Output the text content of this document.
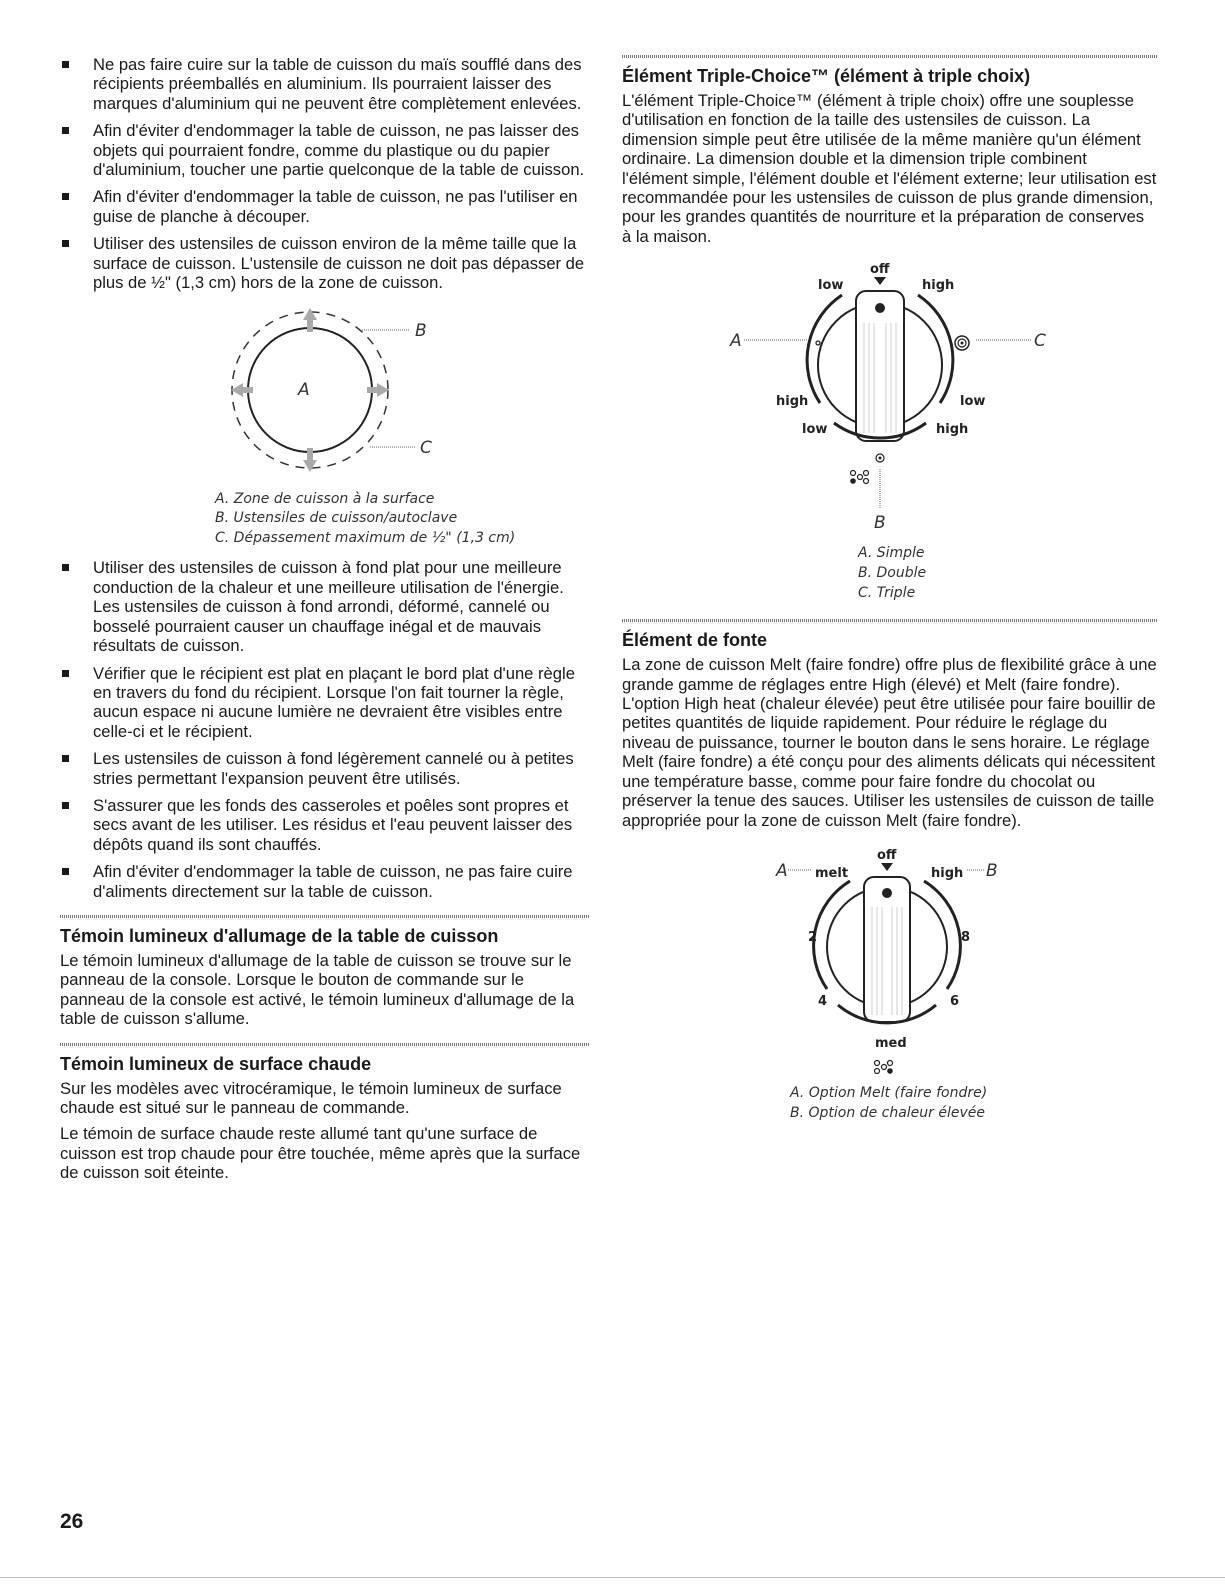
Ne pas faire cuire sur la table de cuisson du maïs soufflé dans des récipients préemballés en aluminium. Ils pourraient laisser des marques d'aluminium qui ne peuvent être complètement enlevées.
Afin d'éviter d'endommager la table de cuisson, ne pas laisser des objets qui pourraient fondre, comme du plastique ou du papier d'aluminium, toucher une partie quelconque de la table de cuisson.
Afin d'éviter d'endommager la table de cuisson, ne pas l'utiliser en guise de planche à découper.
Utiliser des ustensiles de cuisson environ de la même taille que la surface de cuisson. L'ustensile de cuisson ne doit pas dépasser de plus de ½" (1,3 cm) hors de la zone de cuisson.
B
A
C
A. Zone de cuisson à la surface
B. Ustensiles de cuisson/autoclave
C. Dépassement maximum de ½" (1,3 cm)
Utiliser des ustensiles de cuisson à fond plat pour une meilleure conduction de la chaleur et une meilleure utilisation de l'énergie. Les ustensiles de cuisson à fond arrondi, déformé, cannelé ou bosselé pourraient causer un chauffage inégal et de mauvais résultats de cuisson.
Vérifier que le récipient est plat en plaçant le bord plat d'une règle en travers du fond du récipient. Lorsque l'on fait tourner la règle, aucun espace ni aucune lumière ne devraient être visibles entre celle-ci et le récipient.
Les ustensiles de cuisson à fond légèrement cannelé ou à petites stries permettant l'expansion peuvent être utilisés.
S'assurer que les fonds des casseroles et poêles sont propres et secs avant de les utiliser. Les résidus et l'eau peuvent laisser des dépôts quand ils sont chauffés.
Afin d'éviter d'endommager la table de cuisson, ne pas faire cuire d'aliments directement sur la table de cuisson.
Témoin lumineux d'allumage de la table de cuisson

Le témoin lumineux d'allumage de la table de cuisson se trouve sur le panneau de la console. Lorsque le bouton de commande sur le panneau de la console est activé, le témoin lumineux d'allumage de la table de cuisson s'allume.

Témoin lumineux de surface chaude

Sur les modèles avec vitrocéramique, le témoin lumineux de surface chaude est situé sur le panneau de commande.

Le témoin de surface chaude reste allumé tant qu'une surface de cuisson est trop chaude pour être touchée, même après que la surface de cuisson soit éteinte.

Élément Triple-Choice™ (élément à triple choix)

L'élément Triple-Choice™ (élément à triple choix) offre une souplesse d'utilisation en fonction de la taille des ustensiles de cuisson. La dimension simple peut être utilisée de la même manière qu'un élément ordinaire. La dimension double et la dimension triple combinent l'élément simple, l'élément double et l'élément externe; leur utilisation est recommandée pour les ustensiles de cuisson de plus grande dimension, pour les grandes quantités de nourriture et la préparation de conserves à la maison.

off
low	high
high	low
low	high
A	C
B
A. Simple
B. Double
C. Triple
Élément de fonte

La zone de cuisson Melt (faire fondre) offre plus de flexibilité grâce à une grande gamme de réglages entre High (élevé) et Melt (faire fondre). L'option High heat (chaleur élevée) peut être utilisée pour faire bouillir de petites quantités de liquide rapidement. Pour réduire le réglage du niveau de puissance, tourner le bouton dans le sens horaire. Le réglage Melt (faire fondre) a été conçu pour des aliments délicats qui nécessitent une température basse, comme pour faire fondre du chocolat ou préserver la tenue des sauces. Utiliser les ustensiles de cuisson de taille appropriée pour la zone de cuisson Melt (faire fondre).

off
melt	high
2	8
4	6
med
A	B
A. Option Melt (faire fondre)
B. Option de chaleur élevée
26
